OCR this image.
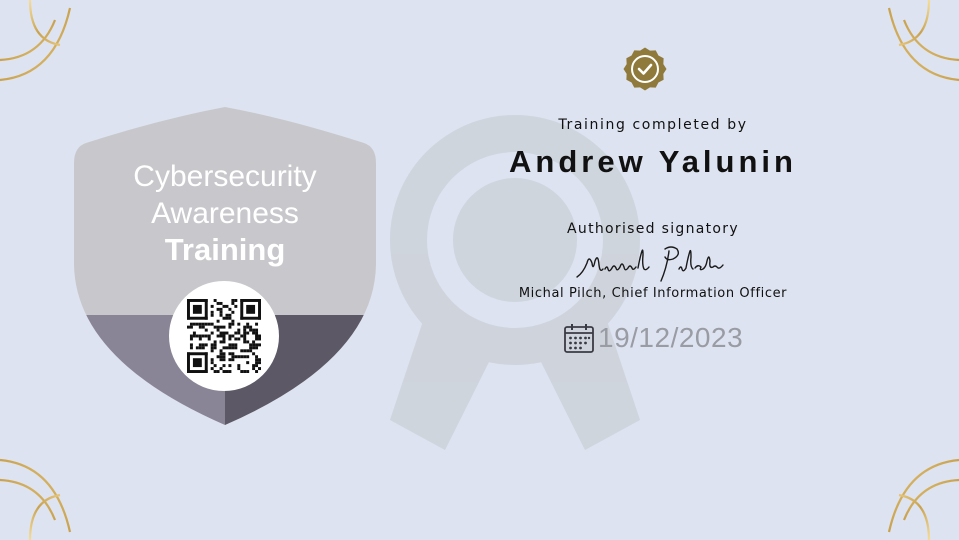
Cybersecurity
Awareness
Training
Training completed by
Andrew Yalunin
Authorised signatory
Michal Pilch, Chief Information Officer
19/12/2023
